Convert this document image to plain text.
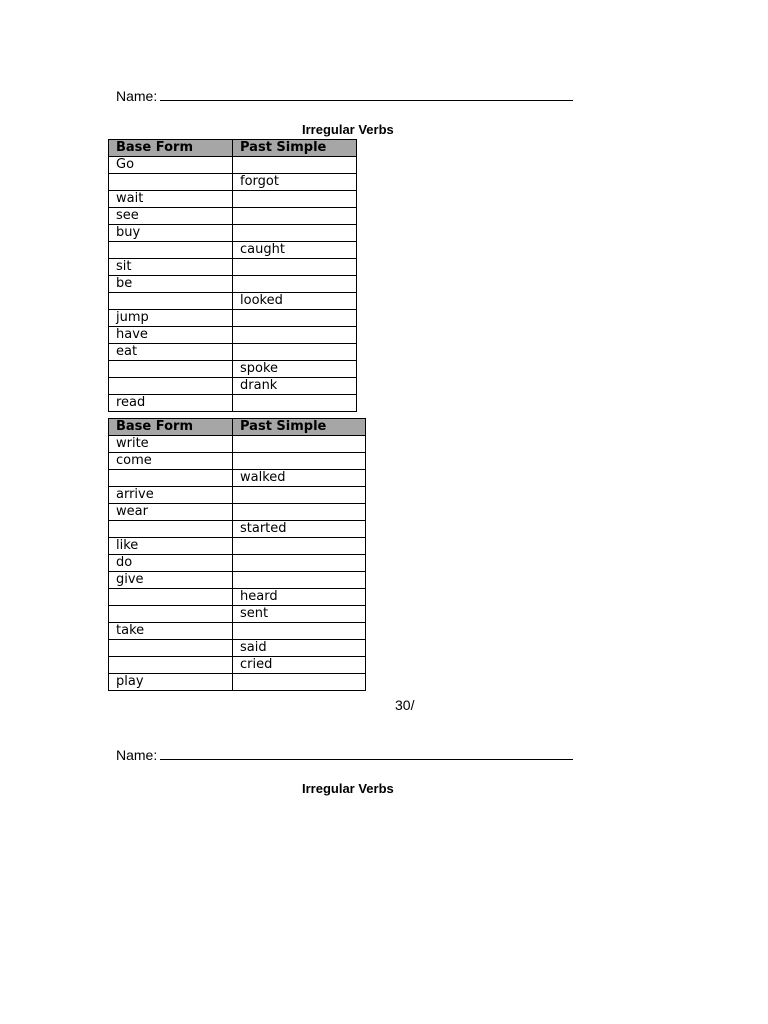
Name:
Irregular Verbs
Base Form	Past Simple
Go	
	forgot
wait	
see	
buy	
	caught
sit	
be	
	looked
jump	
have	
eat	
	spoke
	drank
read	
Base Form	Past Simple
write	
come	
	walked
arrive	
wear	
	started
like	
do	
give	
	heard
	sent
take	
	said
	cried
play	
30/
Name:
Irregular Verbs
